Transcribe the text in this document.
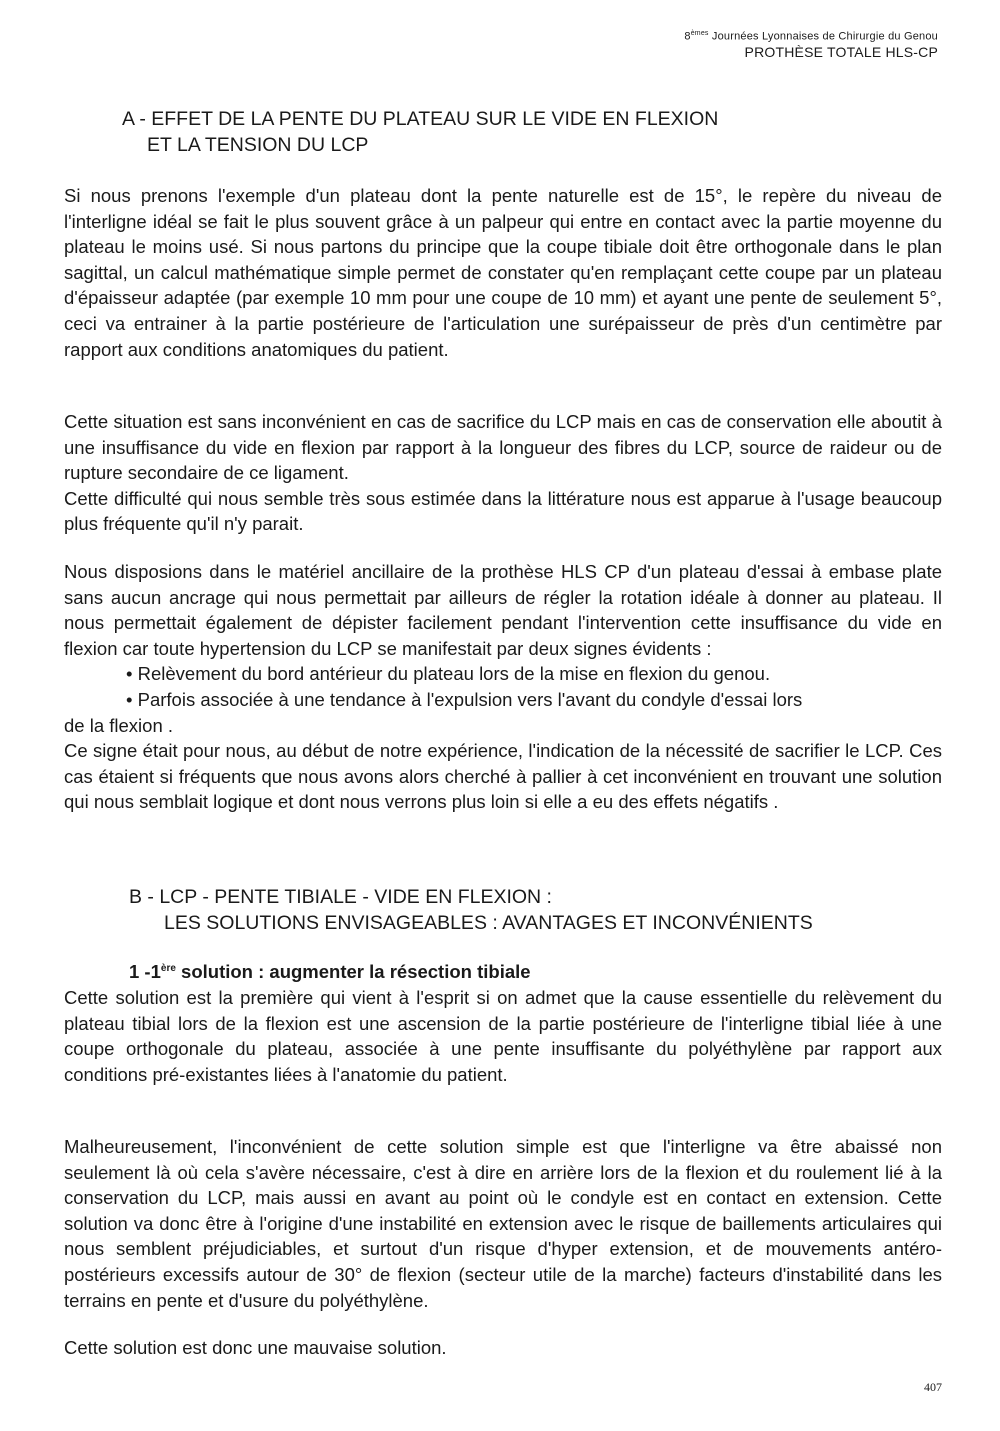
8èmes Journées Lyonnaises de Chirurgie du Genou
PROTHÈSE TOTALE HLS-CP
A - EFFET DE LA PENTE DU PLATEAU SUR LE VIDE EN FLEXION
ET LA TENSION DU LCP
Si nous prenons l'exemple d'un plateau dont la pente naturelle est de 15°, le repère du niveau de l'interligne idéal se fait le plus souvent grâce à un palpeur qui entre en contact avec la partie moyenne du plateau le moins usé. Si nous partons du principe que la coupe tibiale doit être orthogonale dans le plan sagittal, un calcul mathématique simple permet de constater qu'en remplaçant cette coupe par un plateau d'épaisseur adaptée (par exemple 10 mm pour une coupe de 10 mm) et ayant une pente de seulement 5°, ceci va entrainer à la partie postérieure de l'articulation une surépaisseur de près d'un centimètre par rapport aux conditions anatomiques du patient.
Cette situation est sans inconvénient en cas de sacrifice du LCP mais en cas de conservation elle aboutit à une insuffisance du vide en flexion par rapport à la longueur des fibres du LCP, source de raideur ou de rupture secondaire de ce ligament.
Cette difficulté qui nous semble très sous estimée dans la littérature nous est apparue à l'usage beaucoup plus fréquente qu'il n'y parait.
Nous disposions dans le matériel ancillaire de la prothèse HLS CP d'un plateau d'essai à embase plate sans aucun ancrage qui nous permettait par ailleurs de régler la rotation idéale à donner au plateau. Il nous permettait également de dépister facilement pendant l'intervention cette insuffisance du vide en flexion car toute hypertension du LCP se manifestait par deux signes évidents :
• Relèvement du bord antérieur du plateau lors de la mise en flexion du genou.
• Parfois associée à une tendance à l'expulsion vers l'avant du condyle d'essai lors
de la flexion .
Ce signe était pour nous, au début de notre expérience, l'indication de la nécessité de sacrifier le LCP. Ces cas étaient si fréquents que nous avons alors cherché à pallier à cet inconvénient en trouvant une solution qui nous semblait logique et dont nous verrons plus loin si elle a eu des effets négatifs .
B - LCP - PENTE TIBIALE - VIDE EN FLEXION :
LES SOLUTIONS ENVISAGEABLES : AVANTAGES ET INCONVÉNIENTS
1 -1ère solution : augmenter la résection tibiale
Cette solution est la première qui vient à l'esprit si on admet que la cause essentielle du relèvement du plateau tibial lors de la flexion est une ascension de la partie postérieure de l'interligne tibial liée à une coupe orthogonale du plateau, associée à une pente insuffisante du polyéthylène par rapport aux conditions pré-existantes liées à l'anatomie du patient.
Malheureusement, l'inconvénient de cette solution simple est que l'interligne va être abaissé non seulement là où cela s'avère nécessaire, c'est à dire en arrière lors de la flexion et du roulement lié à la conservation du LCP, mais aussi en avant au point où le condyle est en contact en extension. Cette solution va donc être à l'origine d'une instabilité en extension avec le risque de baillements articulaires qui nous semblent préjudiciables, et surtout d'un risque d'hyper extension, et de mouvements antéro-postérieurs excessifs autour de 30° de flexion (secteur utile de la marche) facteurs d'instabilité dans les terrains en pente et d'usure du polyéthylène.
Cette solution est donc une mauvaise solution.
407
